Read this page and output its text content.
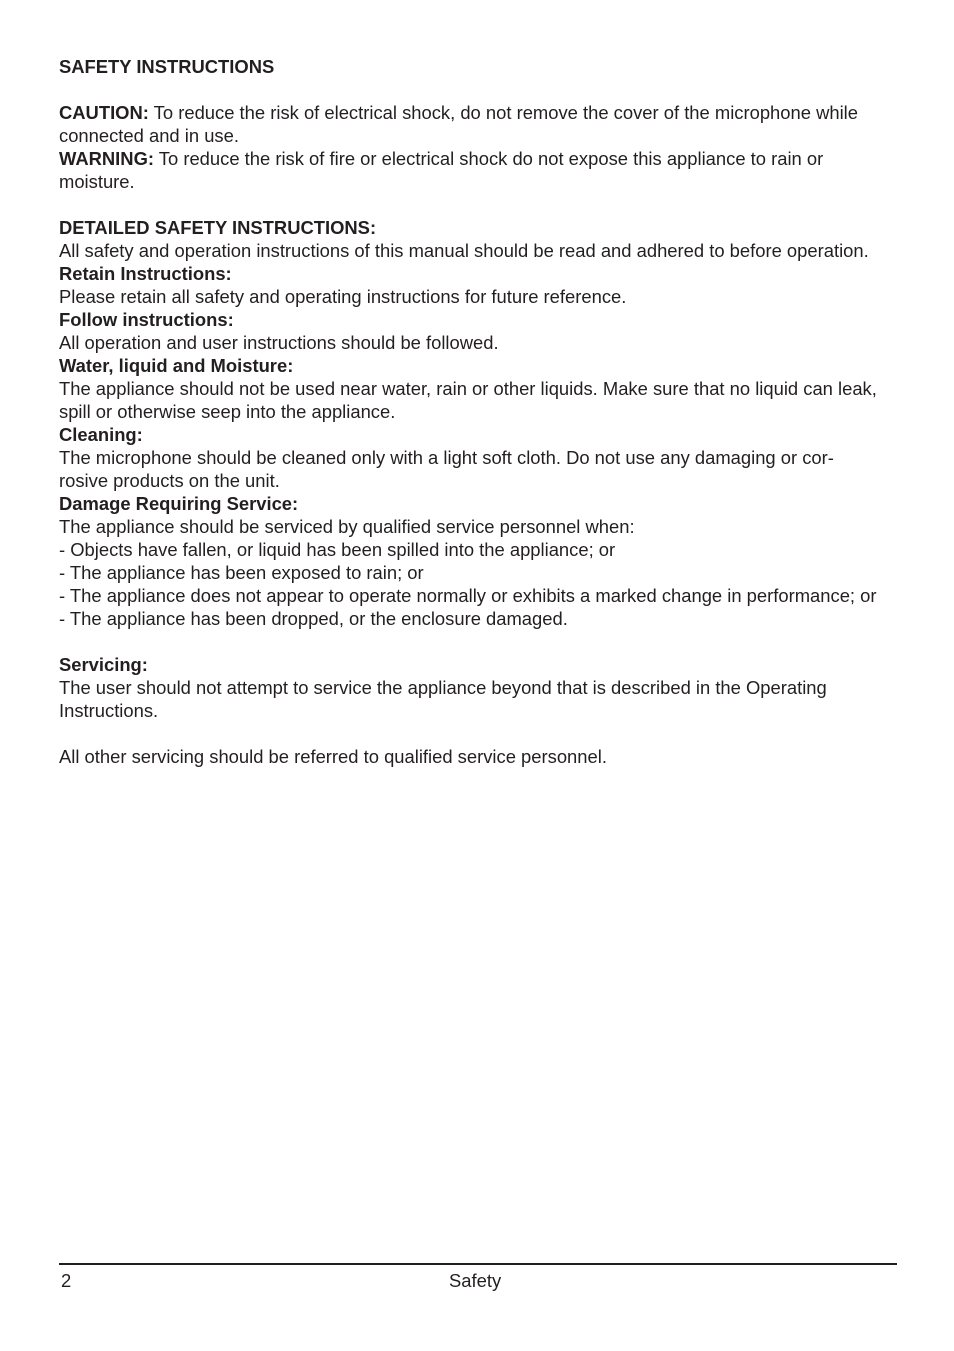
SAFETY INSTRUCTIONS

CAUTION: To reduce the risk of electrical shock, do not remove the cover of the microphone while connected and in use.

WARNING: To reduce the risk of fire or electrical shock do not expose this appliance to rain or moisture.

DETAILED SAFETY INSTRUCTIONS:

All safety and operation instructions of this manual should be read and adhered to before operation.

Retain Instructions:

Please retain all safety and operating instructions for future reference.

Follow instructions:

All operation and user instructions should be followed.

Water, liquid and Moisture:

The appliance should not be used near water, rain or other liquids. Make sure that no liquid can leak, spill or otherwise seep into the appliance.

Cleaning:

The microphone should be cleaned only with a light soft cloth. Do not use any damaging or cor-

rosive products on the unit.

Damage Requiring Service:

The appliance should be serviced by qualified service personnel when:

- Objects have fallen, or liquid has been spilled into the appliance; or

- The appliance has been exposed to rain; or

- The appliance does not appear to operate normally or exhibits a marked change in performance; or

- The appliance has been dropped, or the enclosure damaged.

Servicing:

The user should not attempt to service the appliance beyond that is described in the Operating Instructions.

All other servicing should be referred to qualified service personnel.

2	Safety
